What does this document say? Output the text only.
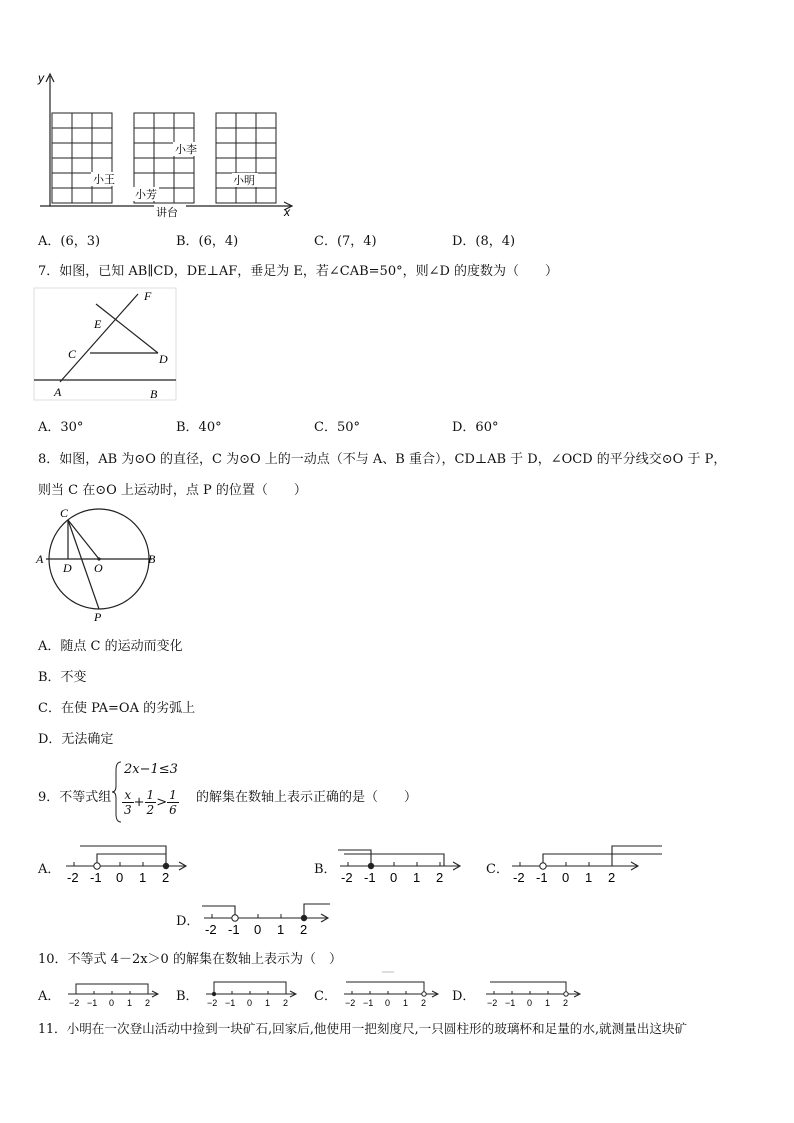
y
x
小王
小李
小芳
小明
讲台
A．(6，3)	B．(6，4)	C．(7，4)	D．(8，4)
7．如图，已知 AB∥CD，DE⊥AF，垂足为 E，若∠CAB=50°，则∠D 的度数为（　　）
F
E
C	D
A	B
A．30°	B．40°	C．50°	D．60°
8．如图，AB 为⊙O 的直径，C 为⊙O 上的一动点（不与 A、B 重合），CD⊥AB 于 D，∠OCD 的平分线交⊙O 于 P，
则当 C 在⊙O 上运动时，点 P 的位置（　　）
C
A
D O
B
P
A．随点 C 的运动而变化
B．不变
C．在使 PA=OA 的劣弧上
D．无法确定
9．不等式组
2x−1≤3
$\frac{x}{3} + \frac{1}{2} > \frac{1}{6}$ 的解集在数轴上表示正确的是（　　）
A．
-2 -1 0 1 2
B．
-2 -1 0 1 2
C．
-2 -1 0 1 2
D．
-2 -1 0 1 2
10．不等式 4－2x＞0 的解集在数轴上表示为（　）
A． −2 −1 0 1 2 B． −2 −1 0 1 2 C． −2 −1 0 1 2 D． −2 −1 0 1 2
11．小明在一次登山活动中捡到一块矿石,回家后,他使用一把刻度尺,一只圆柱形的玻璃杯和足量的水,就测量出这块矿
